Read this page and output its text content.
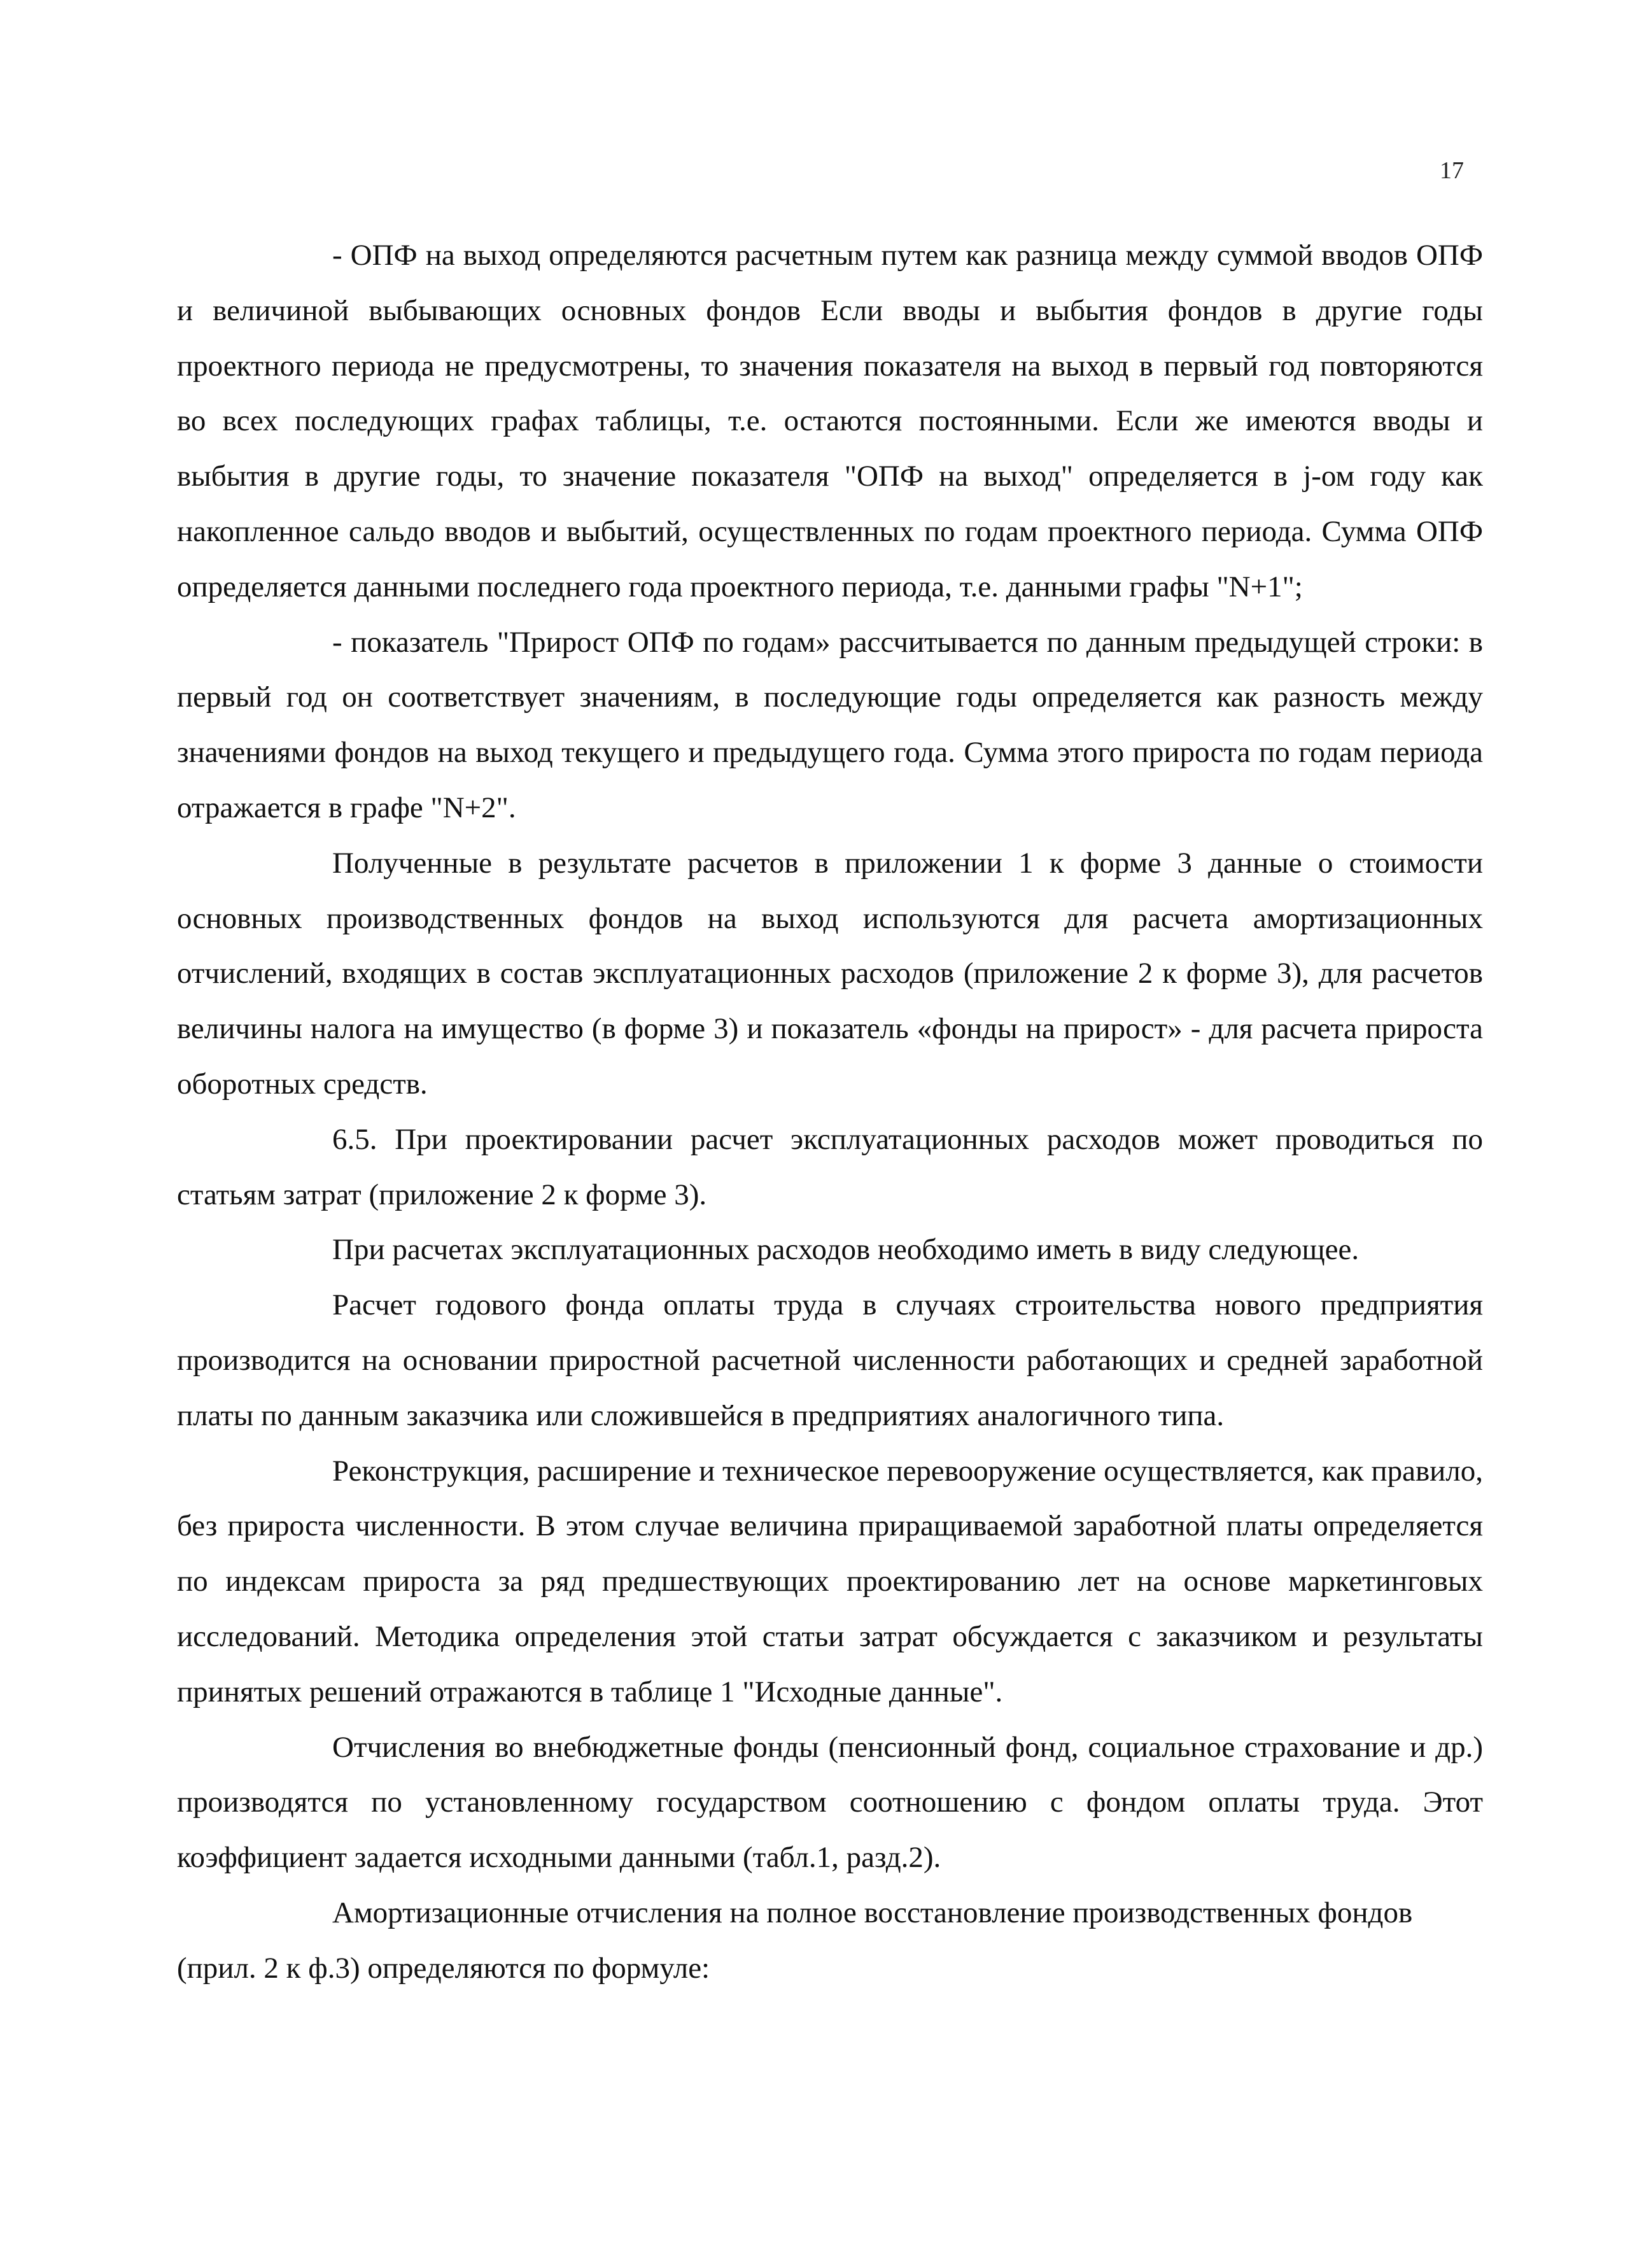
17

- ОПФ на выход определяются расчетным путем как разница между суммой вводов ОПФ и величиной выбывающих основных фондов Если вводы и выбытия фондов в другие годы проектного периода не предусмотрены, то значения показателя на выход в первый год повторяются во всех последующих графах таблицы, т.е. остаются постоянными. Если же имеются вводы и выбытия в другие годы, то значение показателя "ОПФ на выход" определяется в j-ом году как накопленное сальдо вводов и выбытий, осуществленных по годам проектного периода. Сумма ОПФ определяется данными последнего года проектного периода, т.е. данными графы "N+1";

- показатель "Прирост ОПФ по годам» рассчитывается по данным предыдущей строки: в первый год он соответствует значениям, в последующие годы определяется как разность между значениями фондов на выход текущего и предыдущего года. Сумма этого прироста по годам периода отражается в графе "N+2".

Полученные в результате расчетов в приложении 1 к форме 3 данные о стоимости основных производственных фондов на выход используются для расчета амортизационных отчислений, входящих в состав эксплуатационных расходов (приложение 2 к форме 3), для расчетов величины налога на имущество (в форме 3) и показатель «фонды на прирост» - для расчета прироста оборотных средств.

6.5. При проектировании расчет эксплуатационных расходов может проводиться по статьям затрат (приложение 2 к форме 3).

При расчетах эксплуатационных расходов необходимо иметь в виду следующее.

Расчет годового фонда оплаты труда в случаях строительства нового предприятия производится на основании приростной расчетной численности работающих и средней заработной платы по данным заказчика или сложившейся в предприятиях аналогичного типа.

Реконструкция, расширение и техническое перевооружение осуществляется, как правило, без прироста численности. В этом случае величина приращиваемой заработной платы определяется по индексам прироста за ряд предшествующих проектированию лет на основе маркетинговых исследований. Методика определения этой статьи затрат обсуждается с заказчиком и результаты принятых решений отражаются в таблице 1 "Исходные данные".

Отчисления во внебюджетные фонды (пенсионный фонд, социальное страхование и др.) производятся по установленному государством соотношению с фондом оплаты труда. Этот коэффициент задается исходными данными (табл.1, разд.2).

Амортизационные отчисления на полное восстановление производственных фондов (прил. 2 к ф.3) определяются по формуле:
